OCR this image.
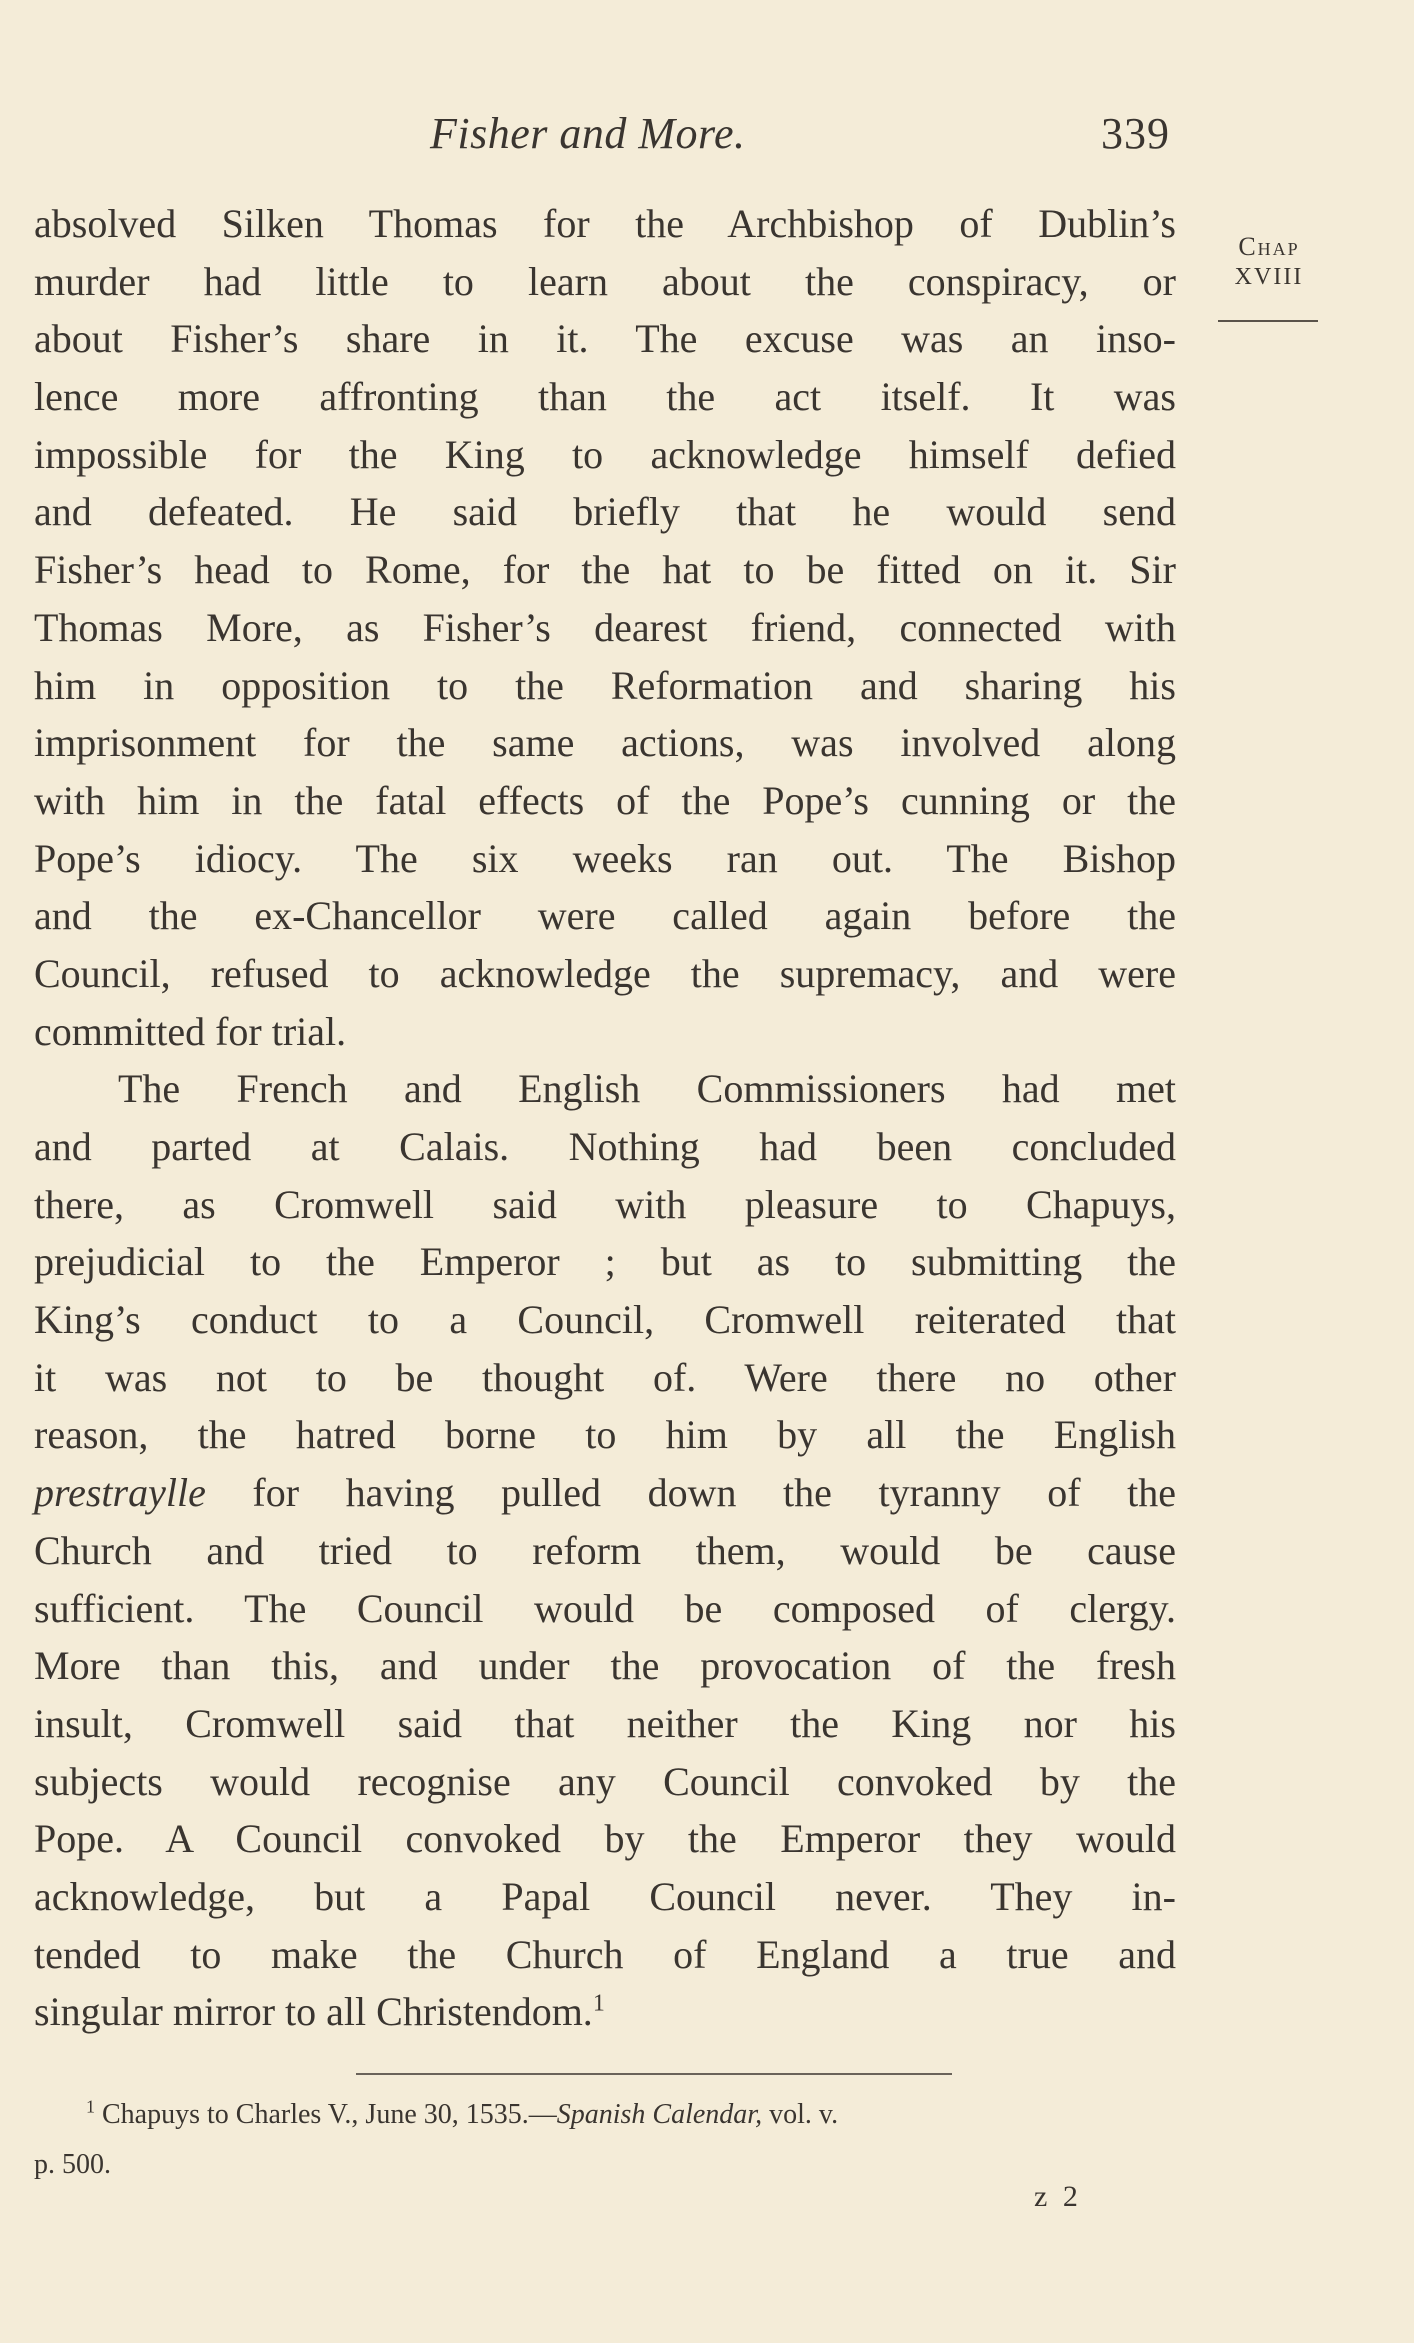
Fisher and More.	339
Chap
XVIII
absolved Silken Thomas for the Archbishop of Dublin’s
murder had little to learn about the conspiracy, or
about Fisher’s share in it. The excuse was an inso-
lence more affronting than the act itself. It was
impossible for the King to acknowledge himself defied
and defeated. He said briefly that he would send
Fisher’s head to Rome, for the hat to be fitted on it. Sir
Thomas More, as Fisher’s dearest friend, connected with
him in opposition to the Reformation and sharing his
imprisonment for the same actions, was involved along
with him in the fatal effects of the Pope’s cunning or the
Pope’s idiocy. The six weeks ran out. The Bishop
and the ex-Chancellor were called again before the
Council, refused to acknowledge the supremacy, and were
committed for trial.
The French and English Commissioners had met
and parted at Calais. Nothing had been concluded
there, as Cromwell said with pleasure to Chapuys,
prejudicial to the Emperor ; but as to submitting the
King’s conduct to a Council, Cromwell reiterated that
it was not to be thought of. Were there no other
reason, the hatred borne to him by all the English
prestraylle for having pulled down the tyranny of the
Church and tried to reform them, would be cause
sufficient. The Council would be composed of clergy.
More than this, and under the provocation of the fresh
insult, Cromwell said that neither the King nor his
subjects would recognise any Council convoked by the
Pope. A Council convoked by the Emperor they would
acknowledge, but a Papal Council never. They in-
tended to make the Church of England a true and
singular mirror to all Christendom.$^1$
$^1$ Chapuys to Charles V., June 30, 1535.—Spanish Calendar, vol. v.
p. 500.
z 2
